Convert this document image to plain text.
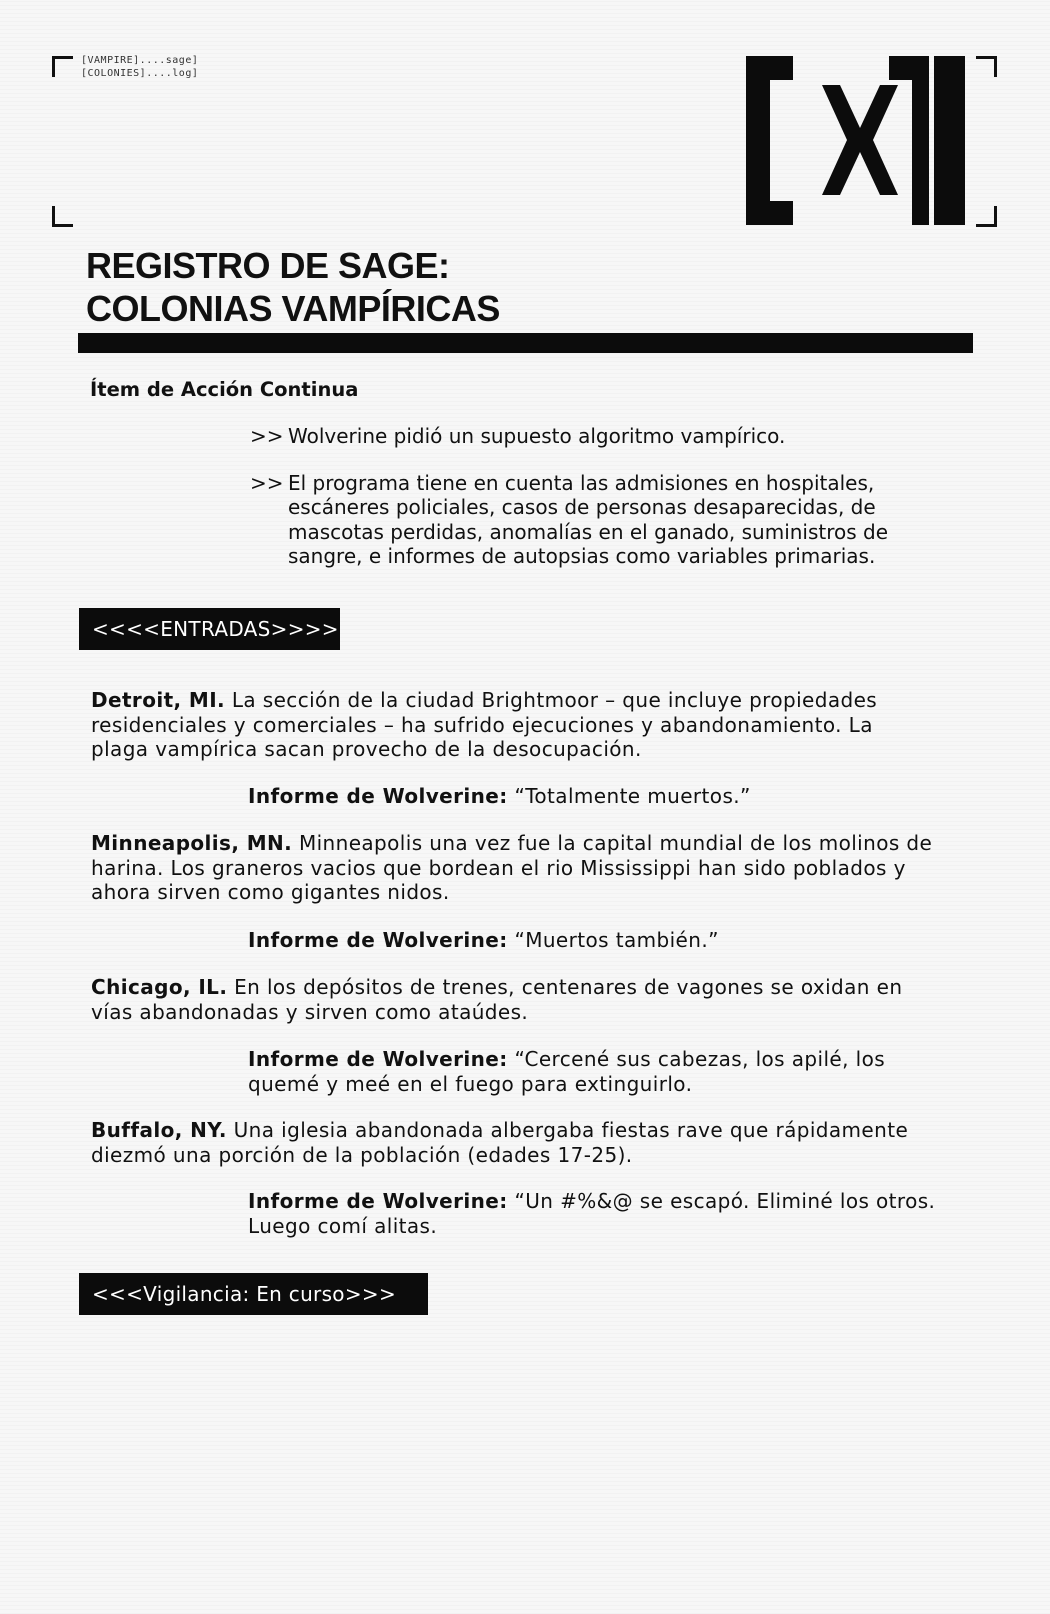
[VAMPIRE]....sage]
[COLONIES]....log]
REGISTRO DE SAGE:
COLONIAS VAMPÍRICAS
Ítem de Acción Continua
>> Wolverine pidió un supuesto algoritmo vampírico.
>> El programa tiene en cuenta las admisiones en hospitales, escáneres policiales, casos de personas desaparecidas, de mascotas perdidas, anomalías en el ganado, suministros de sangre, e informes de autopsias como variables primarias.
<<<<ENTRADAS>>>>
Detroit, MI. La sección de la ciudad Brightmoor – que incluye propiedades residenciales y comerciales – ha sufrido ejecuciones y abandonamiento. La plaga vampírica sacan provecho de la desocupación.
Informe de Wolverine: “Totalmente muertos.”
Minneapolis, MN. Minneapolis una vez fue la capital mundial de los molinos de harina. Los graneros vacios que bordean el rio Mississippi han sido poblados y ahora sirven como gigantes nidos.
Informe de Wolverine: “Muertos también.”
Chicago, IL. En los depósitos de trenes, centenares de vagones se oxidan en vías abandonadas y sirven como ataúdes.
Informe de Wolverine: “Cercené sus cabezas, los apilé, los quemé y meé en el fuego para extinguirlo.
Buffalo, NY. Una iglesia abandonada albergaba fiestas rave que rápidamente diezmó una porción de la población (edades 17-25).
Informe de Wolverine: “Un #%&@ se escapó. Eliminé los otros. Luego comí alitas.
<<<Vigilancia: En curso>>>
